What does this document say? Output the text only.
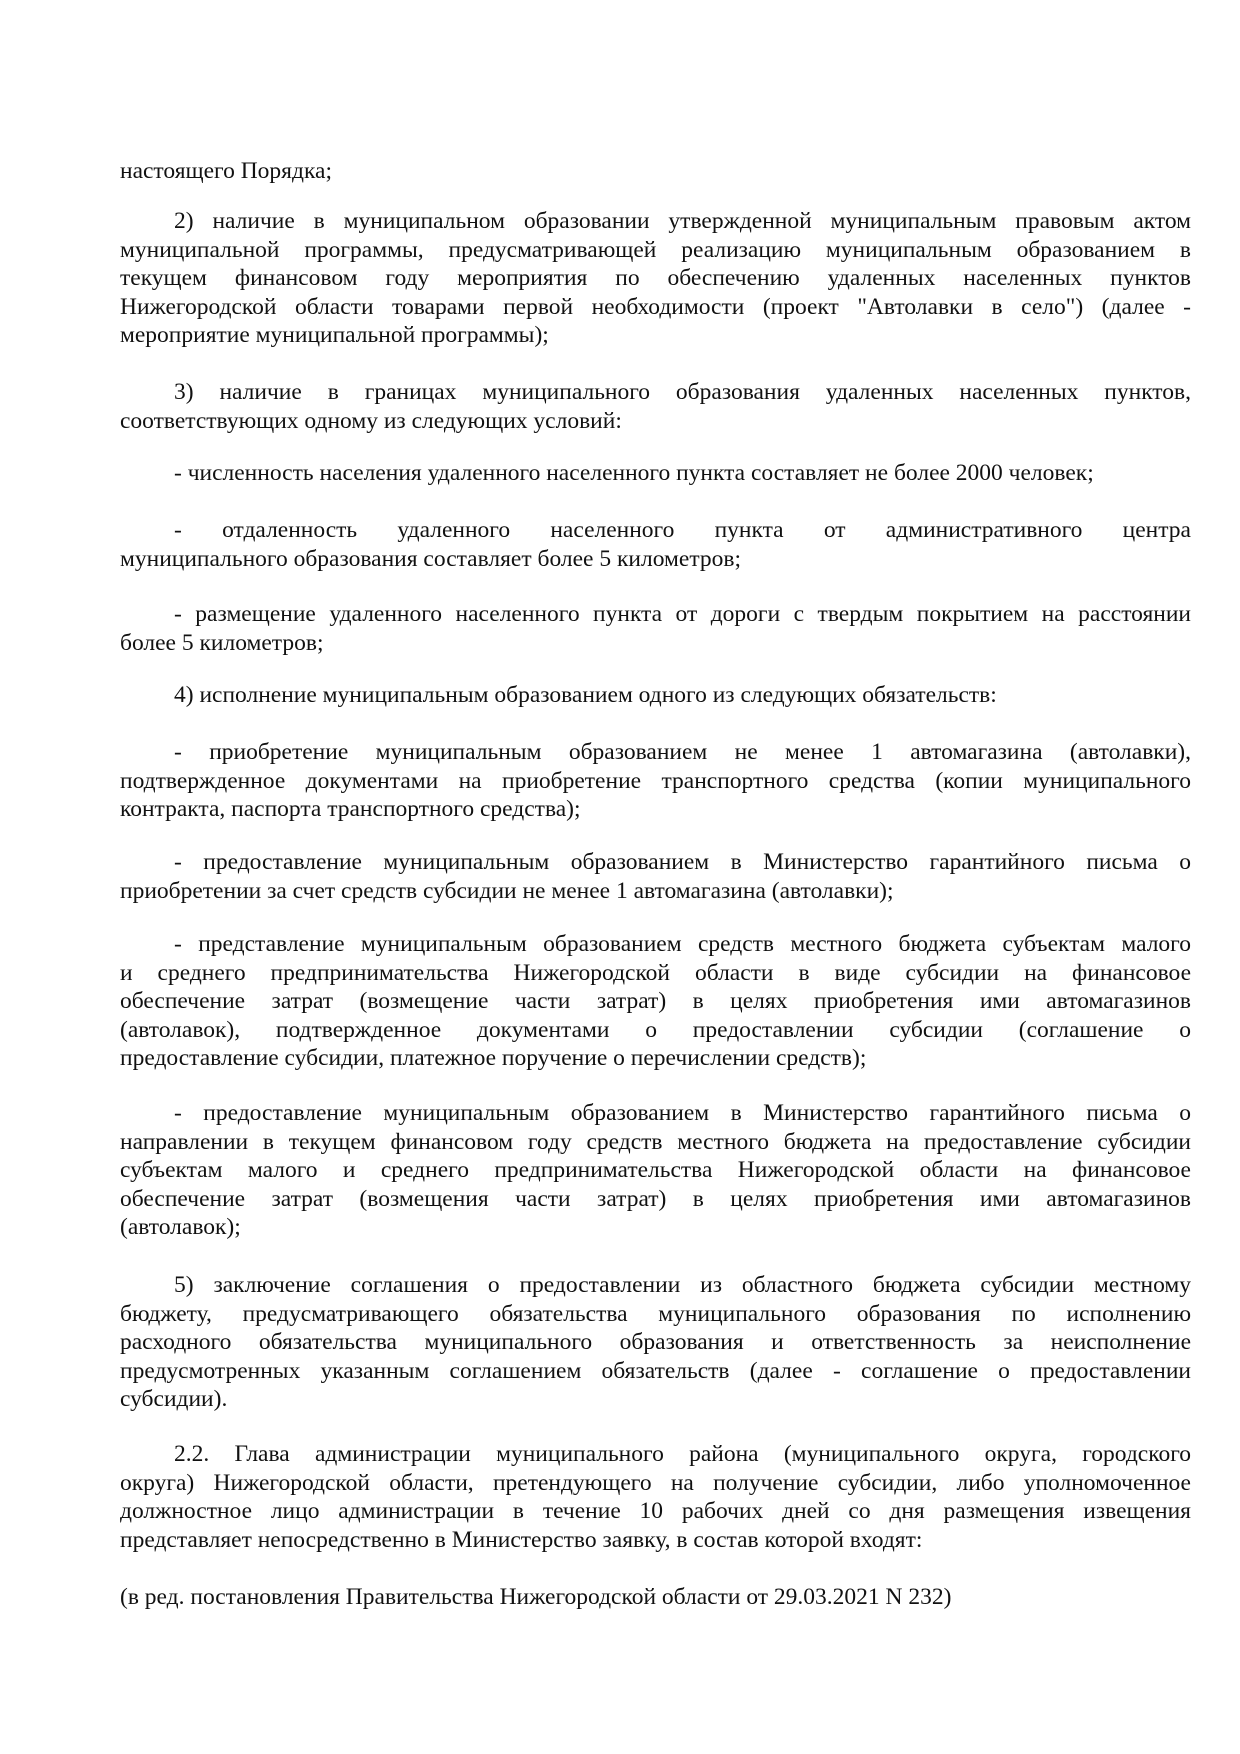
настоящего Порядка;
2) наличие в муниципальном образовании утвержденной муниципальным правовым актом
муниципальной программы, предусматривающей реализацию муниципальным образованием в
текущем финансовом году мероприятия по обеспечению удаленных населенных пунктов
Нижегородской области товарами первой необходимости (проект "Автолавки в село") (далее -
мероприятие муниципальной программы);
3) наличие в границах муниципального образования удаленных населенных пунктов,
соответствующих одному из следующих условий:
- численность населения удаленного населенного пункта составляет не более 2000 человек;
- отдаленность удаленного населенного пункта от административного центра
муниципального образования составляет более 5 километров;
- размещение удаленного населенного пункта от дороги с твердым покрытием на расстоянии
более 5 километров;
4) исполнение муниципальным образованием одного из следующих обязательств:
- приобретение муниципальным образованием не менее 1 автомагазина (автолавки),
подтвержденное документами на приобретение транспортного средства (копии муниципального
контракта, паспорта транспортного средства);
- предоставление муниципальным образованием в Министерство гарантийного письма о
приобретении за счет средств субсидии не менее 1 автомагазина (автолавки);
- представление муниципальным образованием средств местного бюджета субъектам малого
и среднего предпринимательства Нижегородской области в виде субсидии на финансовое
обеспечение затрат (возмещение части затрат) в целях приобретения ими автомагазинов
(автолавок), подтвержденное документами о предоставлении субсидии (соглашение о
предоставление субсидии, платежное поручение о перечислении средств);
- предоставление муниципальным образованием в Министерство гарантийного письма о
направлении в текущем финансовом году средств местного бюджета на предоставление субсидии
субъектам малого и среднего предпринимательства Нижегородской области на финансовое
обеспечение затрат (возмещения части затрат) в целях приобретения ими автомагазинов
(автолавок);
5) заключение соглашения о предоставлении из областного бюджета субсидии местному
бюджету, предусматривающего обязательства муниципального образования по исполнению
расходного обязательства муниципального образования и ответственность за неисполнение
предусмотренных указанным соглашением обязательств (далее - соглашение о предоставлении
субсидии).
2.2. Глава администрации муниципального района (муниципального округа, городского
округа) Нижегородской области, претендующего на получение субсидии, либо уполномоченное
должностное лицо администрации в течение 10 рабочих дней со дня размещения извещения
представляет непосредственно в Министерство заявку, в состав которой входят:
(в ред. постановления Правительства Нижегородской области от 29.03.2021 N 232)
